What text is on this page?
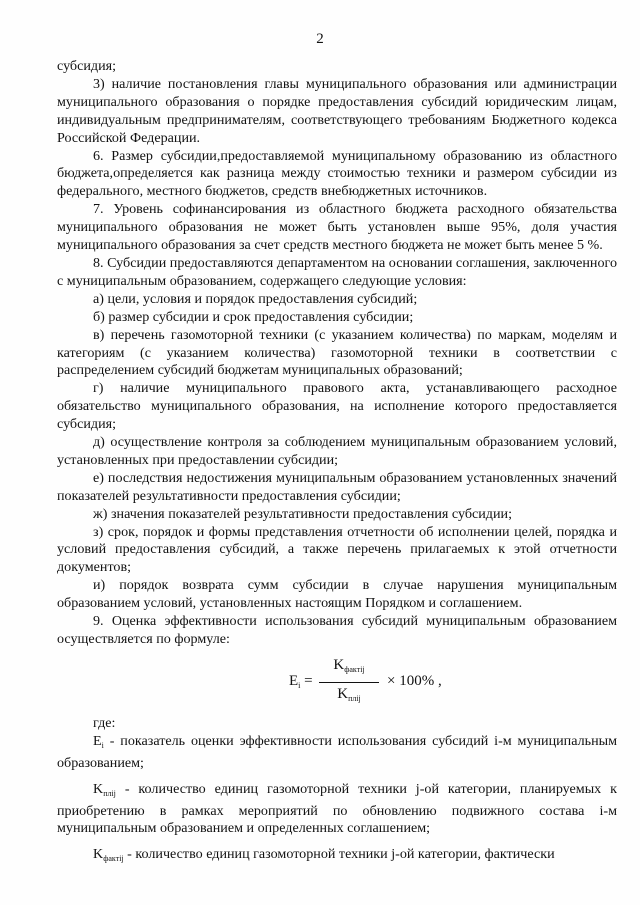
2

субсидия;

3) наличие постановления главы муниципального образования или администрации муниципального образования о порядке предоставления субсидий юридическим лицам, индивидуальным предпринимателям, соответствующего требованиям Бюджетного кодекса Российской Федерации.

6. Размер субсидии,предоставляемой муниципальному образованию из областного бюджета,определяется как разница между стоимостью техники и размером субсидии из федерального, местного бюджетов, средств внебюджетных источников.

7. Уровень софинансирования из областного бюджета расходного обязательства муниципального образования не может быть установлен выше 95%, доля участия муниципального образования за счет средств местного бюджета не может быть менее 5 %.

8. Субсидии предоставляются департаментом на основании соглашения, заключенного с муниципальным образованием, содержащего следующие условия:

а) цели, условия и порядок предоставления субсидий;

б) размер субсидии и срок предоставления субсидии;

в) перечень газомоторной техники (с указанием количества) по маркам, моделям и категориям (с указанием количества) газомоторной техники в соответствии с распределением субсидий бюджетам муниципальных образований;

г) наличие муниципального правового акта, устанавливающего расходное обязательство муниципального образования, на исполнение которого предоставляется субсидия;

д) осуществление контроля за соблюдением муниципальным образованием условий, установленных при предоставлении субсидии;

е) последствия недостижения муниципальным образованием установленных значений показателей результативности предоставления субсидии;

ж) значения показателей результативности предоставления субсидии;

з) срок, порядок и формы представления отчетности об исполнении целей, порядка и условий предоставления субсидий, а также перечень прилагаемых к этой отчетности документов;

и) порядок возврата сумм субсидии в случае нарушения муниципальным образованием условий, установленных настоящим Порядком и соглашением.

9. Оценка эффективности использования субсидий муниципальным образованием осуществляется по формуле:

$E_i$ =
$K_{фактij}$
$K_{плij}$
× 100% ,
где:

$E_i$ - показатель оценки эффективности использования субсидий i-м муниципальным образованием;

$K_{плij}$ - количество единиц газомоторной техники j-ой категории, планируемых к приобретению в рамках мероприятий по обновлению подвижного состава i-м муниципальным образованием и определенных соглашением;

$K_{фактij}$ - количество единиц газомоторной техники j-ой категории, фактически
